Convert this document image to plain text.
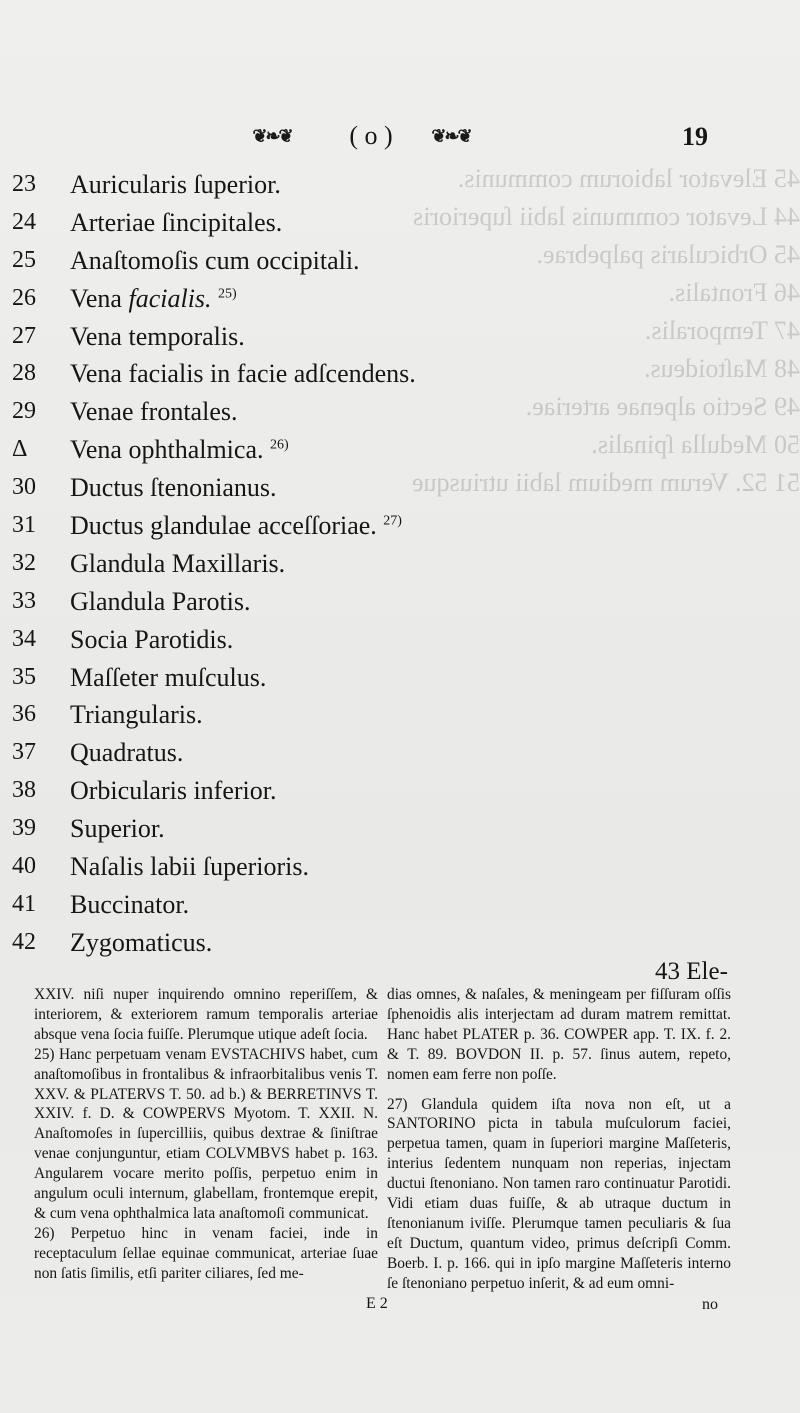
❦❧❦	( o )	❦❧❦	19
45 Elevator labiorum communis.
44 Levator communis labii ſuperioris
45 Orbicularis palpebrae.
46 Frontalis.
47 Temporalis.
48 Maſtoideus.
49 Sectio alpenae arteriae.
50 Medulla ſpinalis.
51 52. Verum medium labii utriusque
23	Auricularis ſuperior.
24	Arteriae ſincipitales.
25	Anaſtomoſis cum occipitali.
26	Vena facialis. $^{25)}$
27	Vena temporalis.
28	Vena facialis in facie adſcendens.
29	Venae frontales.
Δ	Vena ophthalmica. $^{26)}$
30	Ductus ſtenonianus.
31	Ductus glandulae acceſſoriae. $^{27)}$
32	Glandula Maxillaris.
33	Glandula Parotis.
34	Socia Parotidis.
35	Maſſeter muſculus.
36	Triangularis.
37	Quadratus.
38	Orbicularis inferior.
39	Superior.
40	Naſalis labii ſuperioris.
41	Buccinator.
42	Zygomaticus.
43 Ele-

XXIV. niſi nuper inquirendo omnino reperiſſem, & interiorem, & exteriorem ramum temporalis arteriae absque vena ſocia fuiſſe. Plerumque utique adeſt ſocia.

25) Hanc perpetuam venam EVSTACHIVS habet, cum anaſtomoſibus in frontalibus & infraorbitalibus venis T. XXV. & PLATERVS T. 50. ad b.) & BERRETINVS T. XXIV. f. D. & COWPERVS Myotom. T. XXII. N. Anaſtomoſes in ſupercilliis, quibus dextrae & ſiniſtrae venae conjunguntur, etiam COLVMBVS habet p. 163. Angularem vocare merito poſſis, perpetuo enim in angulum oculi internum, glabellam, frontemque erepit, & cum vena ophthalmica lata anaſtomoſi communicat.

26) Perpetuo hinc in venam faciei, inde in receptaculum ſellae equinae communicat, arteriae ſuae non ſatis ſimilis, etſi pariter ciliares, ſed me-

dias omnes, & naſales, & meningeam per fiſſuram oſſis ſphenoidis alis interjectam ad duram matrem remittat. Hanc habet PLATER p. 36. COWPER app. T. IX. f. 2. & T. 89. BOVDON II. p. 57. ſinus autem, repeto, nomen eam ferre non poſſe.

27) Glandula quidem iſta nova non eſt, ut a SANTORINO picta in tabula muſculorum faciei, perpetua tamen, quam in ſuperiori margine Maſſeteris, interius ſedentem nunquam non reperias, injectam ductui ſtenoniano. Non tamen raro continuatur Parotidi. Vidi etiam duas fuiſſe, & ab utraque ductum in ſtenonianum iviſſe. Plerumque tamen peculiaris & ſua eſt Ductum, quantum video, primus deſcripſi Comm. Boerb. I. p. 166. qui in ipſo margine Maſſeteris interno ſe ſtenoniano perpetuo inſerit, & ad eum omni-

E 2	no
